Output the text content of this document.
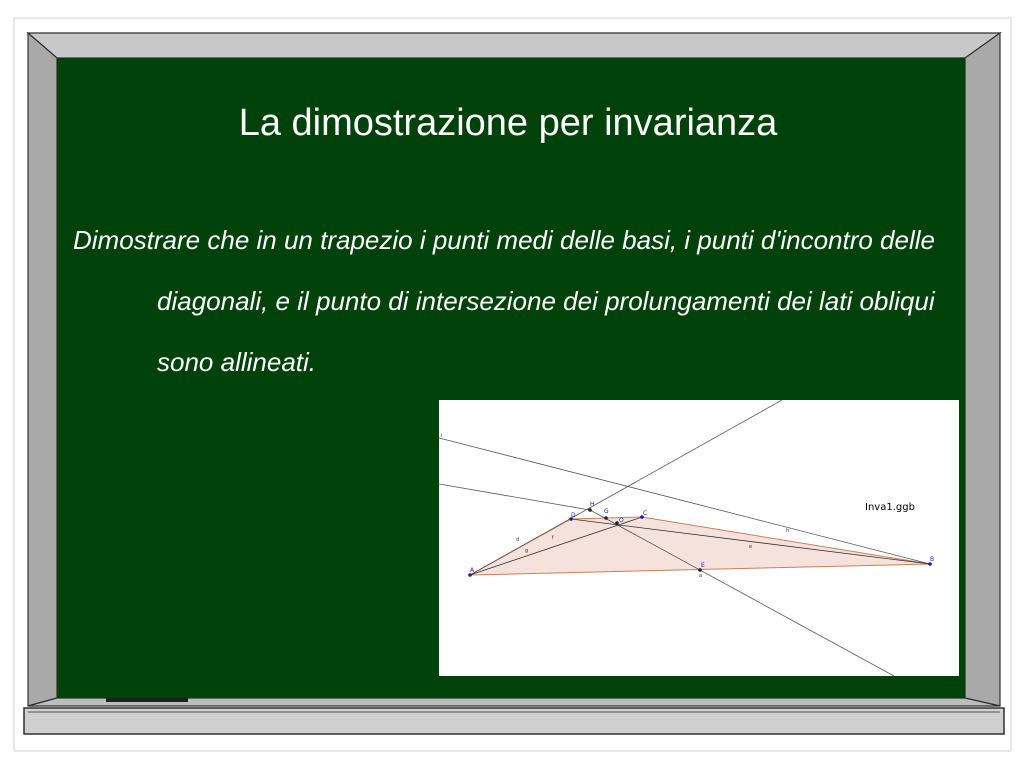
La dimostrazione per invarianza

Dimostrare che in un trapezio i punti medi delle basi, i punti d'incontro delle diagonali, e il punto di intersezione dei prolungamenti dei lati obliqui sono allineati.

A
B
C
D
E
H
O
G
d	f
g
h
e
a
i
Inva1.ggb
